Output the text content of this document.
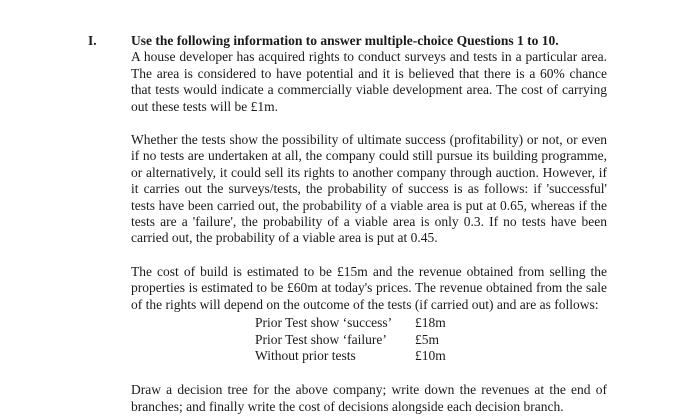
I.	Use the following information to answer multiple-choice Questions 1 to 10.

A house developer has acquired rights to conduct surveys and tests in a particular area. The area is considered to have potential and it is believed that there is a 60% chance that tests would indicate a commercially viable development area. The cost of carrying out these tests will be £1m.

Whether the tests show the possibility of ultimate success (profitability) or not, or even if no tests are undertaken at all, the company could still pursue its building programme, or alternatively, it could sell its rights to another company through auction. However, if it carries out the surveys/tests, the probability of success is as follows: if 'successful' tests have been carried out, the probability of a viable area is put at 0.65, whereas if the tests are a 'failure', the probability of a viable area is only 0.3. If no tests have been carried out, the probability of a viable area is put at 0.45.

The cost of build is estimated to be £15m and the revenue obtained from selling the properties is estimated to be £60m at today's prices. The revenue obtained from the sale of the rights will depend on the outcome of the tests (if carried out) and are as follows:

Prior Test show ‘success’	£18m
Prior Test show ‘failure’	£5m
Without prior tests	£10m

Draw a decision tree for the above company; write down the revenues at the end of branches; and finally write the cost of decisions alongside each decision branch.
